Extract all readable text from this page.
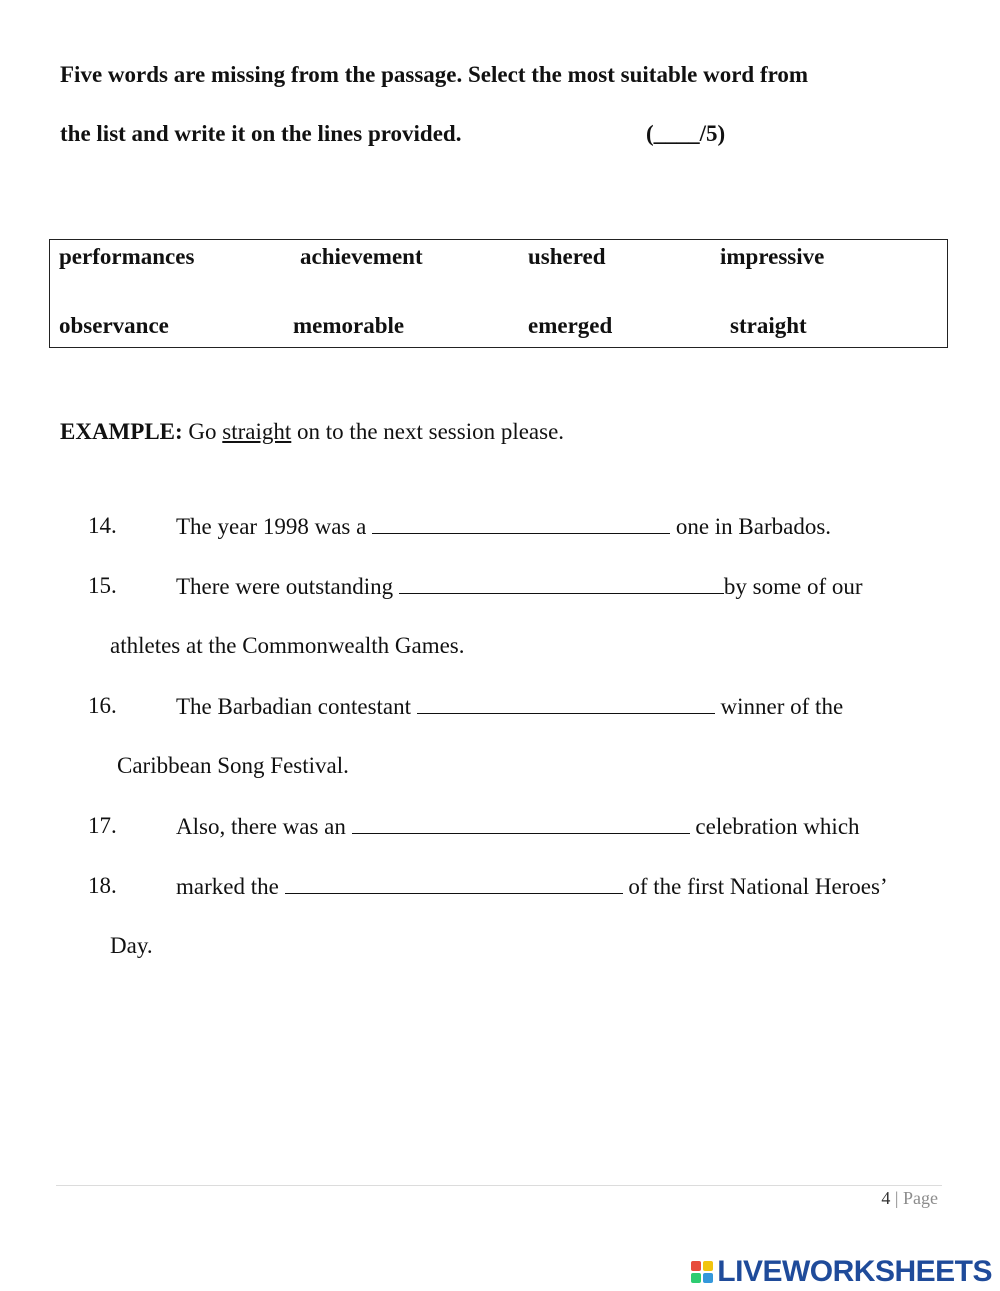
Five words are missing from the passage. Select the most suitable word from
the list and write it on the lines provided.	(____/5)
performances	achievement	ushered	impressive
observance	memorable	emerged	straight
EXAMPLE: Go straight on to the next session please.
14.	The year 1998 was a	one in Barbados.
15.	There were outstanding	by some of our
athletes at the Commonwealth Games.
16.	The Barbadian contestant	winner of the
Caribbean Song Festival.
17.	Also, there was an	celebration which
18.	marked the	of the first National Heroes’
Day.
4 | Page
LIVEWORKSHEETS
